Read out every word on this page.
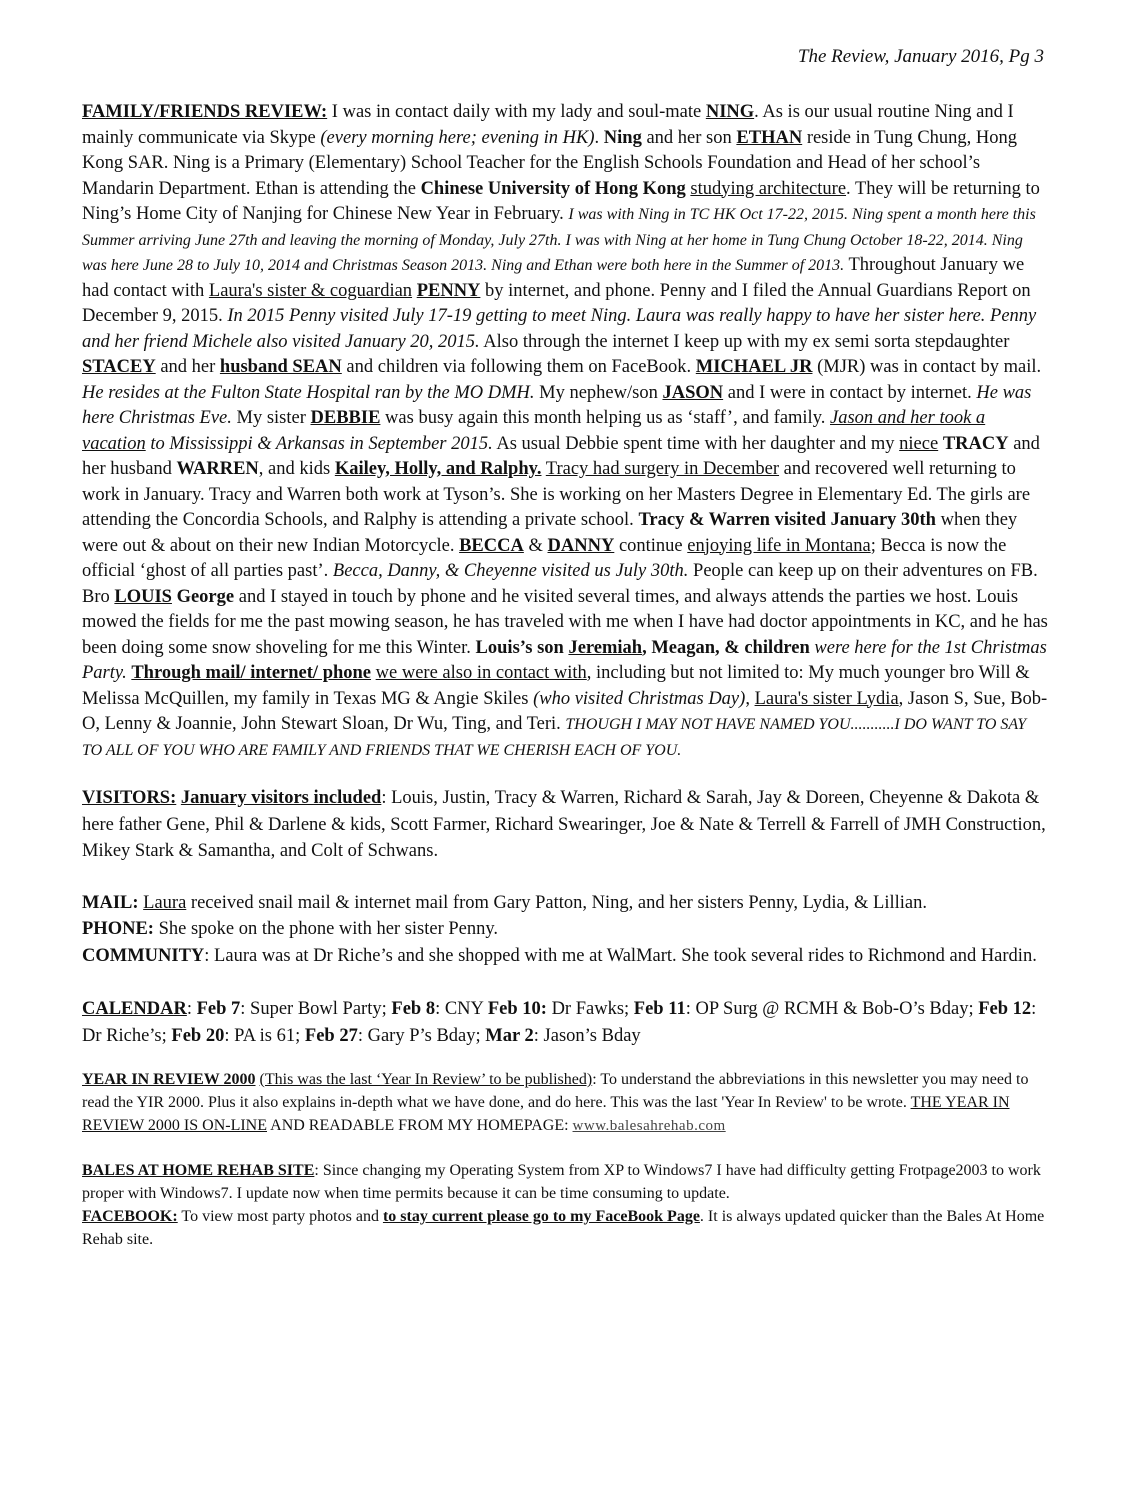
The Review, January 2016, Pg 3

FAMILY/FRIENDS REVIEW: I was in contact daily with my lady and soul-mate NING. As is our usual routine Ning and I mainly communicate via Skype (every morning here; evening in HK). Ning and her son ETHAN reside in Tung Chung, Hong Kong SAR. Ning is a Primary (Elementary) School Teacher for the English Schools Foundation and Head of her school’s Mandarin Department. Ethan is attending the Chinese University of Hong Kong studying architecture. They will be returning to Ning’s Home City of Nanjing for Chinese New Year in February. I was with Ning in TC HK Oct 17-22, 2015. Ning spent a month here this Summer arriving June 27th and leaving the morning of Monday, July 27th. I was with Ning at her home in Tung Chung October 18-22, 2014. Ning was here June 28 to July 10, 2014 and Christmas Season 2013. Ning and Ethan were both here in the Summer of 2013. Throughout January we had contact with Laura's sister & coguardian PENNY by internet, and phone. Penny and I filed the Annual Guardians Report on December 9, 2015. In 2015 Penny visited July 17-19 getting to meet Ning. Laura was really happy to have her sister here. Penny and her friend Michele also visited January 20, 2015. Also through the internet I keep up with my ex semi sorta stepdaughter STACEY and her husband SEAN and children via following them on FaceBook. MICHAEL JR (MJR) was in contact by mail. He resides at the Fulton State Hospital ran by the MO DMH. My nephew/son JASON and I were in contact by internet. He was here Christmas Eve. My sister DEBBIE was busy again this month helping us as ‘staff’, and family. Jason and her took a vacation to Mississippi & Arkansas in September 2015. As usual Debbie spent time with her daughter and my niece TRACY and her husband WARREN, and kids Kailey, Holly, and Ralphy. Tracy had surgery in December and recovered well returning to work in January. Tracy and Warren both work at Tyson’s. She is working on her Masters Degree in Elementary Ed. The girls are attending the Concordia Schools, and Ralphy is attending a private school. Tracy & Warren visited January 30th when they were out & about on their new Indian Motorcycle. BECCA & DANNY continue enjoying life in Montana; Becca is now the official ‘ghost of all parties past’. Becca, Danny, & Cheyenne visited us July 30th. People can keep up on their adventures on FB. Bro LOUIS George and I stayed in touch by phone and he visited several times, and always attends the parties we host. Louis mowed the fields for me the past mowing season, he has traveled with me when I have had doctor appointments in KC, and he has been doing some snow shoveling for me this Winter. Louis’s son Jeremiah, Meagan, & children were here for the 1st Christmas Party. Through mail/ internet/ phone we were also in contact with, including but not limited to: My much younger bro Will & Melissa McQuillen, my family in Texas MG & Angie Skiles (who visited Christmas Day), Laura's sister Lydia, Jason S, Sue, Bob-O, Lenny & Joannie, John Stewart Sloan, Dr Wu, Ting, and Teri. THOUGH I MAY NOT HAVE NAMED YOU...........I DO WANT TO SAY TO ALL OF YOU WHO ARE FAMILY AND FRIENDS THAT WE CHERISH EACH OF YOU.

VISITORS: January visitors included: Louis, Justin, Tracy & Warren, Richard & Sarah, Jay & Doreen, Cheyenne & Dakota & here father Gene, Phil & Darlene & kids, Scott Farmer, Richard Swearinger, Joe & Nate & Terrell & Farrell of JMH Construction, Mikey Stark & Samantha, and Colt of Schwans.

MAIL: Laura received snail mail & internet mail from Gary Patton, Ning, and her sisters Penny, Lydia, & Lillian.

PHONE: She spoke on the phone with her sister Penny.

COMMUNITY: Laura was at Dr Riche’s and she shopped with me at WalMart. She took several rides to Richmond and Hardin.

CALENDAR: Feb 7: Super Bowl Party; Feb 8: CNY Feb 10: Dr Fawks; Feb 11: OP Surg @ RCMH & Bob-O’s Bday; Feb 12: Dr Riche’s; Feb 20: PA is 61; Feb 27: Gary P’s Bday; Mar 2: Jason’s Bday

YEAR IN REVIEW 2000 (This was the last ‘Year In Review’ to be published): To understand the abbreviations in this newsletter you may need to read the YIR 2000. Plus it also explains in-depth what we have done, and do here. This was the last 'Year In Review' to be wrote. THE YEAR IN REVIEW 2000 IS ON-LINE AND READABLE FROM MY HOMEPAGE: www.balesahrehab.com

BALES AT HOME REHAB SITE: Since changing my Operating System from XP to Windows7 I have had difficulty getting Frotpage2003 to work proper with Windows7. I update now when time permits because it can be time consuming to update.

FACEBOOK: To view most party photos and to stay current please go to my FaceBook Page. It is always updated quicker than the Bales At Home Rehab site.
